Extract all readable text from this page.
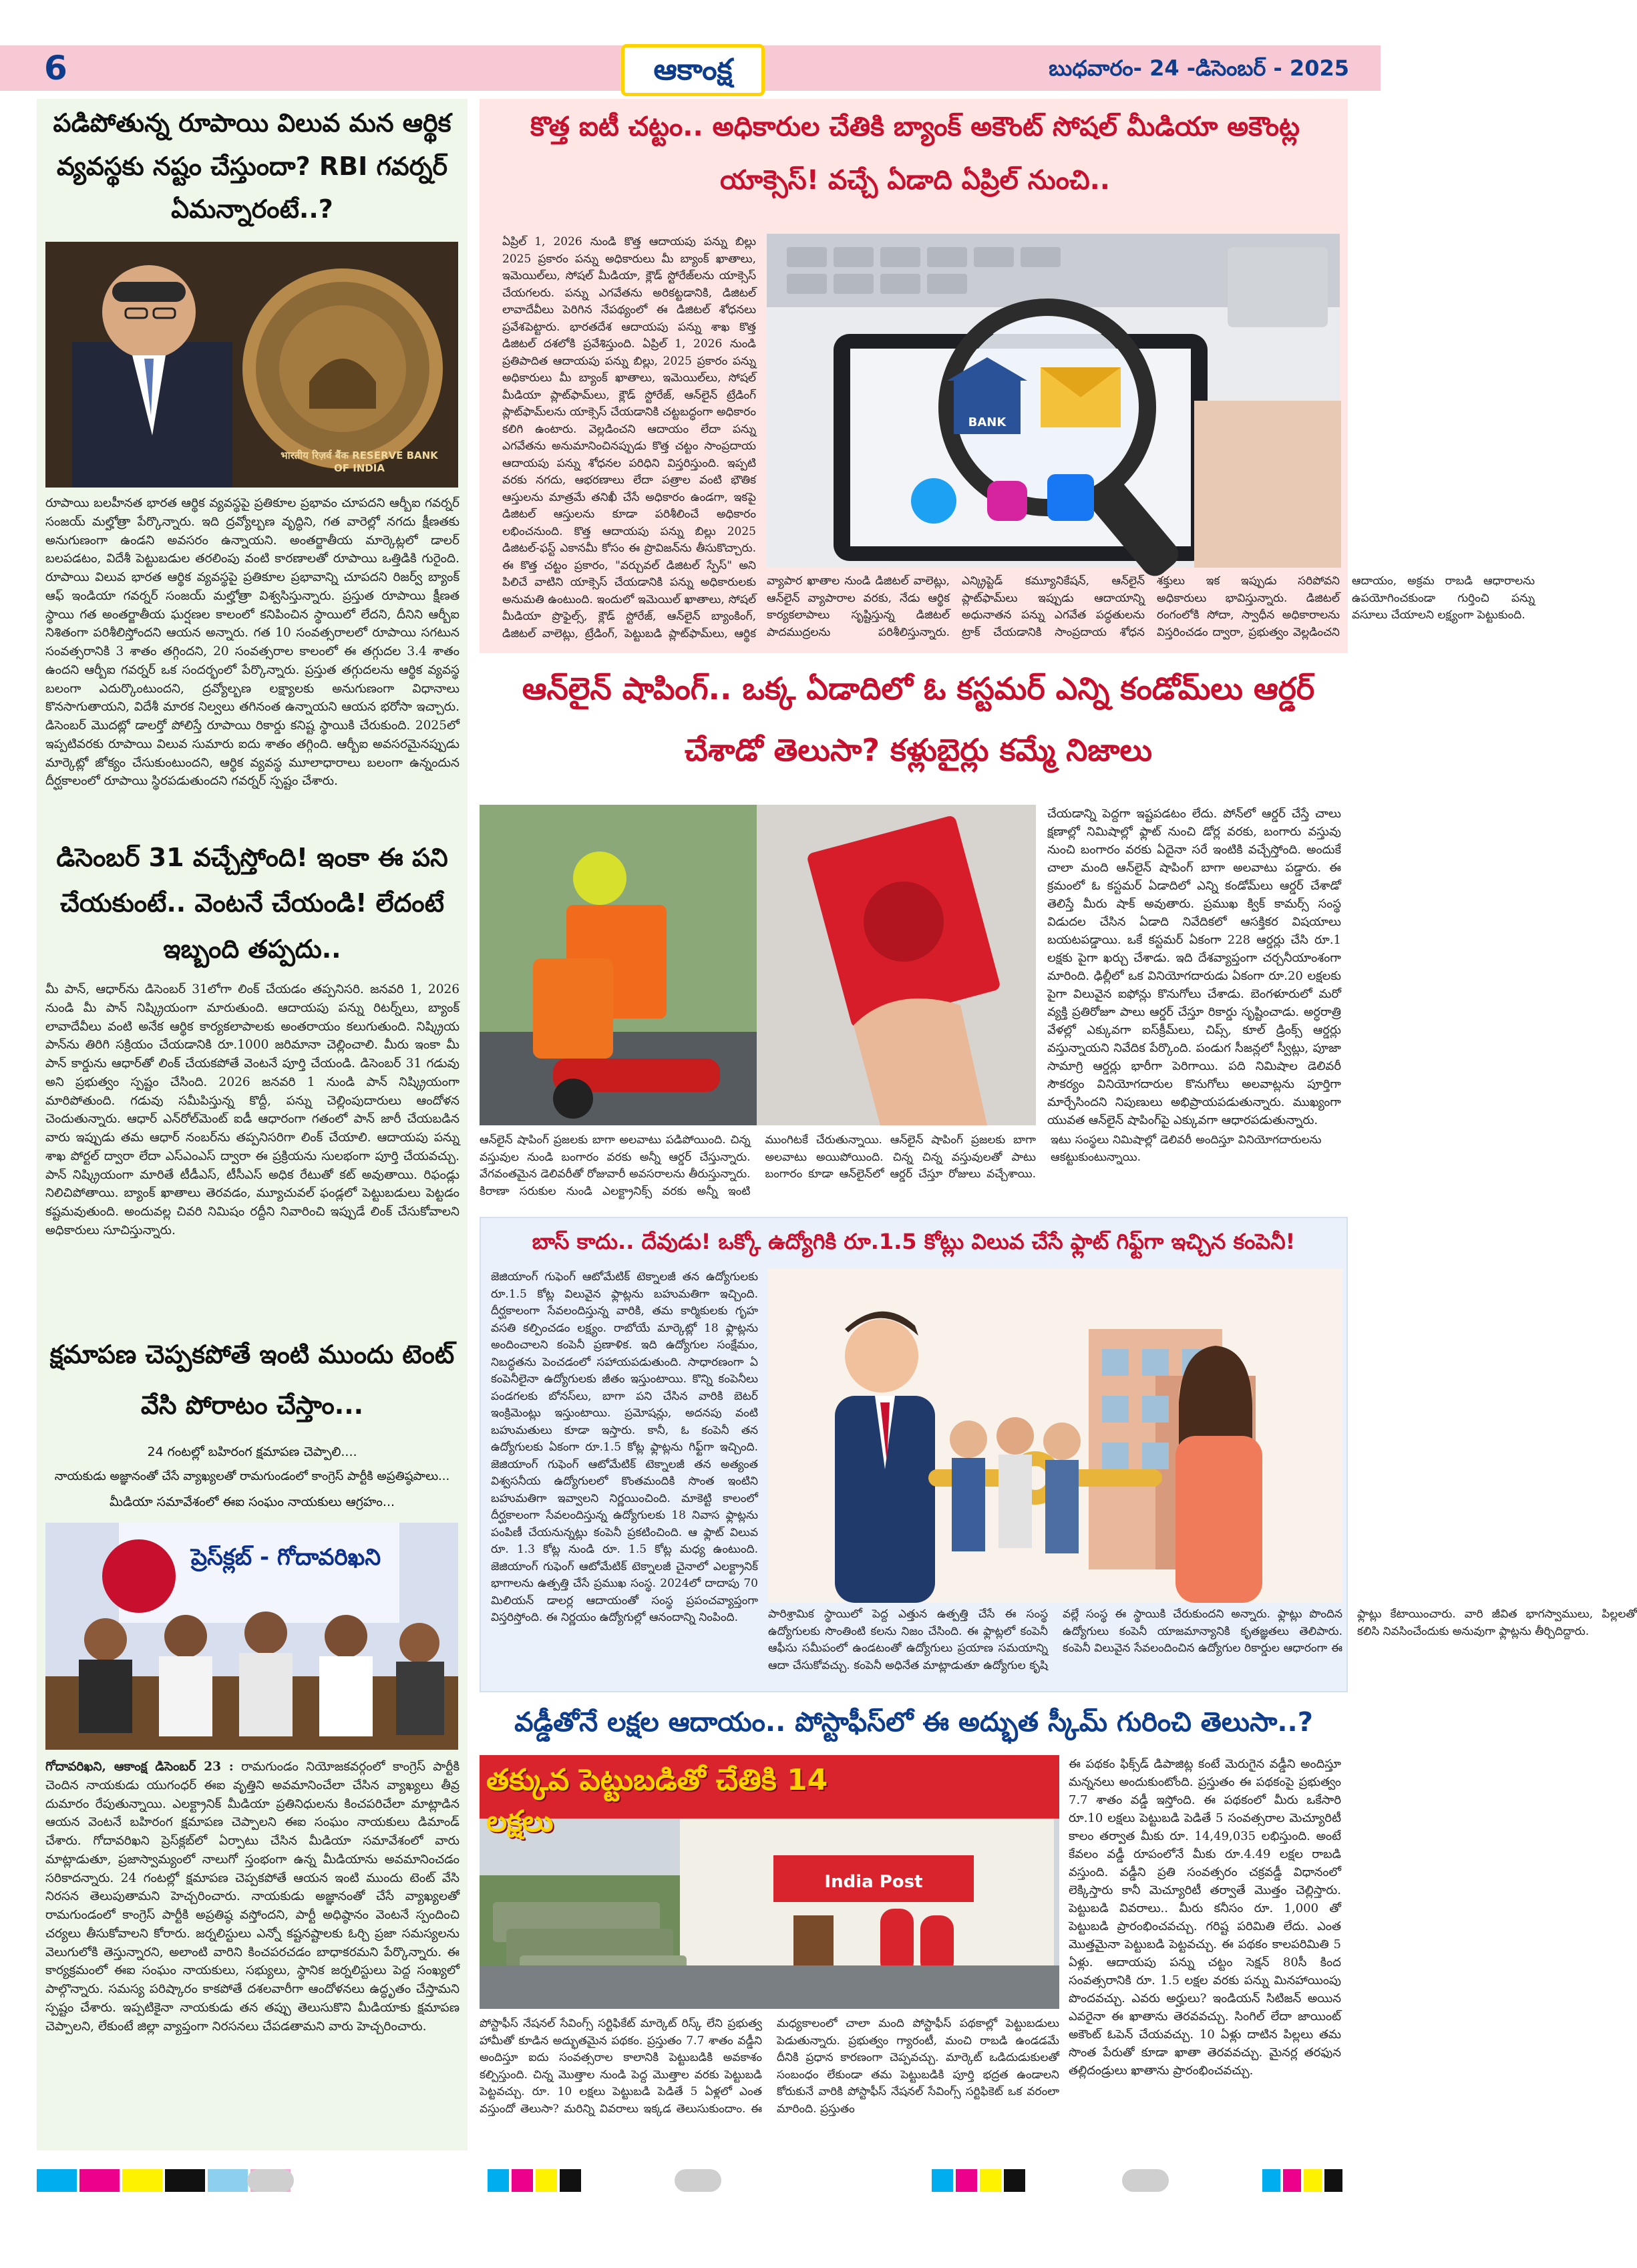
6	ఆకాంక్ష	బుధవారం- 24 -డిసెంబర్ - 2025
పడిపోతున్న రూపాయి విలువ మన ఆర్థిక వ్యవస్థకు నష్టం చేస్తుందా? RBI గవర్నర్ ఏమన్నారంటే..?
भारतीय रिज़र्व बैंक RESERVE BANK OF INDIA
రూపాయి బలహీనత భారత ఆర్థిక వ్యవస్థపై ప్రతికూల ప్రభావం చూపదని ఆర్బీఐ గవర్నర్ సంజయ్ మల్హోత్రా పేర్కొన్నారు. ఇది ద్రవ్యోల్బణ వృద్ధిని, గత వారెల్లో నగదు క్షీణతకు అనుగుణంగా ఉండని అవసరం ఉన్నాయని. అంతర్జాతీయ మార్కెట్లలో డాలర్ బలపడటం, విదేశీ పెట్టుబడుల తరలింపు వంటి కారణాలతో రూపాయి ఒత్తిడికి గురైంది. రూపాయి విలువ భారత ఆర్థిక వ్యవస్థపై ప్రతికూల ప్రభావాన్ని చూపదని రిజర్వ్ బ్యాంక్ ఆఫ్ ఇండియా గవర్నర్ సంజయ్ మల్హోత్రా విశ్వసిస్తున్నారు. ప్రస్తుత రూపాయి క్షీణత స్థాయి గత అంతర్జాతీయ ఘర్షణల కాలంలో కనిపించిన స్థాయిలో లేదని, దీనిని ఆర్బీఐ నిశితంగా పరిశీలిస్తోందని ఆయన అన్నారు. గత 10 సంవత్సరాలలో రూపాయి సగటున సంవత్సరానికి 3 శాతం తగ్గిందని, 20 సంవత్సరాల కాలంలో ఈ తగ్గుదల 3.4 శాతం ఉందని ఆర్బీఐ గవర్నర్ ఒక సందర్భంలో పేర్కొన్నారు. ప్రస్తుత తగ్గుదలను ఆర్థిక వ్యవస్థ బలంగా ఎదుర్కొంటుందని, ద్రవ్యోల్బణ లక్ష్యాలకు అనుగుణంగా విధానాలు కొనసాగుతాయని, విదేశీ మారక నిల్వలు తగినంత ఉన్నాయని ఆయన భరోసా ఇచ్చారు. డిసెంబర్ మొదట్లో డాలర్తో పోలిస్తే రూపాయి రికార్డు కనిష్ట స్థాయికి చేరుకుంది. 2025లో ఇప్పటివరకు రూపాయి విలువ సుమారు ఐదు శాతం తగ్గింది. ఆర్బీఐ అవసరమైనప్పుడు మార్కెట్లో జోక్యం చేసుకుంటుందని, ఆర్థిక వ్యవస్థ మూలాధారాలు బలంగా ఉన్నందున దీర్ఘకాలంలో రూపాయి స్థిరపడుతుందని గవర్నర్ స్పష్టం చేశారు.
డిసెంబర్ 31 వచ్చేస్తోంది! ఇంకా ఈ పని చేయకుంటే.. వెంటనే చేయండి! లేదంటే ఇబ్బంది తప్పదు..
మీ పాన్, ఆధార్‌ను డిసెంబర్ 31లోగా లింక్ చేయడం తప్పనిసరి. జనవరి 1, 2026 నుండి మీ పాన్ నిష్క్రియంగా మారుతుంది. ఆదాయపు పన్ను రిటర్న్‌లు, బ్యాంక్ లావాదేవీలు వంటి అనేక ఆర్థిక కార్యకలాపాలకు అంతరాయం కలుగుతుంది. నిష్క్రియ పాన్‌ను తిరిగి సక్రియం చేయడానికి రూ.1000 జరిమానా చెల్లించాలి. మీరు ఇంకా మీ పాన్ కార్డును ఆధార్‌తో లింక్ చేయకపోతే వెంటనే పూర్తి చేయండి. డిసెంబర్ 31 గడువు అని ప్రభుత్వం స్పష్టం చేసింది. 2026 జనవరి 1 నుండి పాన్ నిష్క్రియంగా మారిపోతుంది. గడువు సమీపిస్తున్న కొద్దీ, పన్ను చెల్లింపుదారులు ఆందోళన చెందుతున్నారు. ఆధార్ ఎన్‌రోల్‌మెంట్ ఐడీ ఆధారంగా గతంలో పాన్ జారీ చేయబడిన వారు ఇప్పుడు తమ ఆధార్ నంబర్‌ను తప్పనిసరిగా లింక్ చేయాలి. ఆదాయపు పన్ను శాఖ పోర్టల్ ద్వారా లేదా ఎస్ఎంఎస్ ద్వారా ఈ ప్రక్రియను సులభంగా పూర్తి చేయవచ్చు. పాన్ నిష్క్రియంగా మారితే టీడీఎస్, టీసీఎస్ అధిక రేటుతో కట్ అవుతాయి. రిఫండ్లు నిలిచిపోతాయి. బ్యాంక్ ఖాతాలు తెరవడం, మ్యూచువల్ ఫండ్లలో పెట్టుబడులు పెట్టడం కష్టమవుతుంది. అందువల్ల చివరి నిమిషం రద్దీని నివారించి ఇప్పుడే లింక్ చేసుకోవాలని అధికారులు సూచిస్తున్నారు.
క్షమాపణ చెప్పకపోతే ఇంటి ముందు టెంట్ వేసి పోరాటం చేస్తాం...
24 గంటల్లో బహిరంగ క్షమాపణ చెప్పాలి....
నాయకుడు అజ్ఞానంతో చేసే వ్యాఖ్యలతో రామగుండంలో కాంగ్రెస్ పార్టీకి అప్రతిష్ఠపాలు...
మీడియా సమావేశంలో ఈఐ సంఘం నాయకులు ఆగ్రహం...
ప్రెస్‌క్లబ్ - గోదావరిఖని
గోదావరిఖని, ఆకాంక్ష డిసెంబర్ 23 : రామగుండం నియోజకవర్గంలో కాంగ్రెస్ పార్టీకి చెందిన నాయకుడు యుగంధర్ ఈఐ వృత్తిని అవమానించేలా చేసిన వ్యాఖ్యలు తీవ్ర దుమారం రేపుతున్నాయి. ఎలక్ట్రానిక్ మీడియా ప్రతినిధులను కించపరిచేలా మాట్లాడిన ఆయన వెంటనే బహిరంగ క్షమాపణ చెప్పాలని ఈఐ సంఘం నాయకులు డిమాండ్ చేశారు. గోదావరిఖని ప్రెస్‌క్లబ్‌లో ఏర్పాటు చేసిన మీడియా సమావేశంలో వారు మాట్లాడుతూ, ప్రజాస్వామ్యంలో నాలుగో స్తంభంగా ఉన్న మీడియాను అవమానించడం సరికాదన్నారు. 24 గంటల్లో క్షమాపణ చెప్పకపోతే ఆయన ఇంటి ముందు టెంట్ వేసి నిరసన తెలుపుతామని హెచ్చరించారు. నాయకుడు అజ్ఞానంతో చేసే వ్యాఖ్యలతో రామగుండంలో కాంగ్రెస్ పార్టీకి అప్రతిష్ఠ వస్తోందని, పార్టీ అధిష్ఠానం వెంటనే స్పందించి చర్యలు తీసుకోవాలని కోరారు. జర్నలిస్టులు ఎన్నో కష్టనష్టాలకు ఓర్చి ప్రజా సమస్యలను వెలుగులోకి తెస్తున్నారని, అలాంటి వారిని కించపరచడం బాధాకరమని పేర్కొన్నారు. ఈ కార్యక్రమంలో ఈఐ సంఘం నాయకులు, సభ్యులు, స్థానిక జర్నలిస్టులు పెద్ద సంఖ్యలో పాల్గొన్నారు. సమస్య పరిష్కారం కాకపోతే దశలవారీగా ఆందోళనలు ఉద్ధృతం చేస్తామని స్పష్టం చేశారు. ఇప్పటికైనా నాయకుడు తన తప్పు తెలుసుకొని మీడియాకు క్షమాపణ చెప్పాలని, లేకుంటే జిల్లా వ్యాప్తంగా నిరసనలు చేపడతామని వారు హెచ్చరించారు.
కొత్త ఐటీ చట్టం.. అధికారుల చేతికి బ్యాంక్ అకౌంట్ సోషల్ మీడియా అకౌంట్ల యాక్సెస్! వచ్చే ఏడాది ఏప్రిల్ నుంచి..
ఏప్రిల్ 1, 2026 నుండి కొత్త ఆదాయపు పన్ను బిల్లు 2025 ప్రకారం పన్ను అధికారులు మీ బ్యాంక్ ఖాతాలు, ఇమెయిల్‌లు, సోషల్ మీడియా, క్లౌడ్ స్టోరేజ్‌లను యాక్సెస్ చేయగలరు. పన్ను ఎగవేతను అరికట్టడానికి, డిజిటల్ లావాదేవీలు పెరిగిన నేపథ్యంలో ఈ డిజిటల్ శోధనలు ప్రవేశపెట్టారు. భారతదేశ ఆదాయపు పన్ను శాఖ కొత్త డిజిటల్ దశలోకి ప్రవేశిస్తుంది. ఏప్రిల్ 1, 2026 నుండి ప్రతిపాదిత ఆదాయపు పన్ను బిల్లు, 2025 ప్రకారం పన్ను అధికారులు మీ బ్యాంక్ ఖాతాలు, ఇమెయిల్‌లు, సోషల్ మీడియా ప్లాట్‌ఫామ్‌లు, క్లౌడ్ స్టోరేజ్, ఆన్‌లైన్ ట్రేడింగ్ ప్లాట్‌ఫామ్‌లను యాక్సెస్ చేయడానికి చట్టబద్ధంగా అధికారం కలిగి ఉంటారు. వెల్లడించని ఆదాయం లేదా పన్ను ఎగవేతను అనుమానించినప్పుడు కొత్త చట్టం సాంప్రదాయ ఆదాయపు పన్ను శోధనల పరిధిని విస్తరిస్తుంది. ఇప్పటి వరకు నగదు, ఆభరణాలు లేదా పత్రాల వంటి భౌతిక ఆస్తులను మాత్రమే తనిఖీ చేసే అధికారం ఉండగా, ఇకపై డిజిటల్ ఆస్తులను కూడా పరిశీలించే అధికారం లభించనుంది. కొత్త ఆదాయపు పన్ను బిల్లు 2025 డిజిటల్-ఫస్ట్ ఎకానమీ కోసం ఈ ప్రొవిజన్‌ను తీసుకొచ్చారు. ఈ కొత్త చట్టం ప్రకారం, "వర్చువల్ డిజిటల్ స్పేస్" అని పిలిచే వాటిని యాక్సెస్ చేయడానికి పన్ను అధికారులకు అనుమతి ఉంటుంది. ఇందులో ఇమెయిల్ ఖాతాలు, సోషల్ మీడియా ప్రొఫైల్స్, క్లౌడ్ స్టోరేజ్, ఆన్‌లైన్ బ్యాంకింగ్, డిజిటల్ వాలెట్లు, ట్రేడింగ్, పెట్టుబడి ప్లాట్‌ఫామ్‌లు, ఆర్థిక
BANK
వ్యాపార ఖాతాల నుండి డిజిటల్ వాలెట్లు, ఆన్‌లైన్ వ్యాపారాల వరకు, నేడు ఆర్థిక కార్యకలాపాలు సృష్టిస్తున్న డిజిటల్ పాదముద్రలను పరిశీలిస్తున్నారు. ఎన్క్రిప్టెడ్ కమ్యూనికేషన్, ఆన్‌లైన్ ప్లాట్‌ఫామ్‌లు ఇప్పుడు ఆదాయాన్ని అధునాతన పన్ను ఎగవేత పద్ధతులను ట్రాక్ చేయడానికి సాంప్రదాయ శోధన శక్తులు ఇక ఇప్పుడు సరిపోవని అధికారులు భావిస్తున్నారు. డిజిటల్ రంగంలోకి సోదా, స్వాధీన అధికారాలను విస్తరించడం ద్వారా, ప్రభుత్వం వెల్లడించని ఆదాయం, అక్రమ రాబడి ఆధారాలను ఉపయోగించకుండా గుర్తించి పన్ను వసూలు చేయాలని లక్ష్యంగా పెట్టుకుంది.
ఆన్‌లైన్ షాపింగ్.. ఒక్క ఏడాదిలో ఓ కస్టమర్ ఎన్ని కండోమ్‌లు ఆర్డర్ చేశాడో తెలుసా? కళ్లుబైర్లు కమ్మే నిజాలు
చేయడాన్ని పెద్దగా ఇష్టపడటం లేదు. పోన్‌లో ఆర్డర్ చేస్తే చాలు క్షణాల్లో నిమిషాల్లో ఫ్లాట్ నుంచి డోర్ల వరకు, బంగారు వస్తువు నుంచి బంగారం వరకు ఏదైనా సరే ఇంటికి వచ్చేస్తోంది. అందుకే చాలా మంది ఆన్‌లైన్ షాపింగ్ బాగా అలవాటు పడ్డారు. ఈ క్రమంలో ఓ కస్టమర్ ఏడాదిలో ఎన్ని కండోమ్‌లు ఆర్డర్ చేశాడో తెలిస్తే మీరు షాక్ అవుతారు. ప్రముఖ క్విక్ కామర్స్ సంస్థ విడుదల చేసిన ఏడాది నివేదికలో ఆసక్తికర విషయాలు బయటపడ్డాయి. ఒకే కస్టమర్ ఏకంగా 228 ఆర్డర్లు చేసి రూ.1 లక్షకు పైగా ఖర్చు చేశాడు. ఇది దేశవ్యాప్తంగా చర్చనీయాంశంగా మారింది. ఢిల్లీలో ఒక వినియోగదారుడు ఏకంగా రూ.20 లక్షలకు పైగా విలువైన ఐఫోన్లు కొనుగోలు చేశాడు. బెంగళూరులో మరో వ్యక్తి ప్రతిరోజూ పాలు ఆర్డర్ చేస్తూ రికార్డు సృష్టించాడు. అర్ధరాత్రి వేళల్లో ఎక్కువగా ఐస్‌క్రీమ్‌లు, చిప్స్, కూల్ డ్రింక్స్ ఆర్డర్లు వస్తున్నాయని నివేదిక పేర్కొంది. పండుగ సీజన్లలో స్వీట్లు, పూజా సామాగ్రి ఆర్డర్లు భారీగా పెరిగాయి. పది నిమిషాల డెలివరీ సౌకర్యం వినియోగదారుల కొనుగోలు అలవాట్లను పూర్తిగా మార్చేసిందని నిపుణులు అభిప్రాయపడుతున్నారు. ముఖ్యంగా యువత ఆన్‌లైన్ షాపింగ్‌పై ఎక్కువగా ఆధారపడుతున్నారు.
ఆన్‌లైన్ షాపింగ్ ప్రజలకు బాగా అలవాటు పడిపోయింది. చిన్న వస్తువుల నుండి బంగారం వరకు అన్నీ ఆర్డర్ చేస్తున్నారు. వేగవంతమైన డెలివరీతో రోజువారీ అవసరాలను తీరుస్తున్నారు. కిరాణా సరుకుల నుండి ఎలక్ట్రానిక్స్ వరకు అన్నీ ఇంటి ముంగిటకే చేరుతున్నాయి. ఆన్‌లైన్ షాపింగ్ ప్రజలకు బాగా అలవాటు అయిపోయింది. చిన్న చిన్న వస్తువులతో పాటు బంగారం కూడా ఆన్‌లైన్‌లో ఆర్డర్ చేస్తూ రోజులు వచ్చేశాయి. ఇటు సంస్థలు నిమిషాల్లో డెలివరీ అందిస్తూ వినియోగదారులను ఆకట్టుకుంటున్నాయి.
బాస్ కాదు.. దేవుడు! ఒక్కో ఉద్యోగికి రూ.1.5 కోట్లు విలువ చేసే ఫ్లాట్ గిఫ్ట్‌గా ఇచ్చిన కంపెనీ!
జెజియాంగ్ గుఫెంగ్ ఆటోమేటిక్ టెక్నాలజీ తన ఉద్యోగులకు రూ.1.5 కోట్ల విలువైన ఫ్లాట్లను బహుమతిగా ఇచ్చింది. దీర్ఘకాలంగా సేవలందిస్తున్న వారికి, తమ కార్మికులకు గృహ వసతి కల్పించడం లక్ష్యం. రాబోయే మార్కెట్లో 18 ఫ్లాట్లను అందించాలని కంపెనీ ప్రణాళిక. ఇది ఉద్యోగుల సంక్షేమం, నిబద్ధతను పెంచడంలో సహాయపడుతుంది. సాధారణంగా ఏ కంపెనీలైనా ఉద్యోగులకు జీతం ఇస్తుంటాయి. కొన్ని కంపెనీలు పండగలకు బోనస్‌లు, బాగా పని చేసిన వారికి బెటర్ ఇంక్రిమెంట్లు ఇస్తుంటాయి. ప్రమోషన్లు, అదనపు వంటి బహుమతులు కూడా ఇస్తారు. కానీ, ఓ కంపెనీ తన ఉద్యోగులకు ఏకంగా రూ.1.5 కోట్ల ఫ్లాట్లను గిఫ్ట్‌గా ఇచ్చింది. జెజియాంగ్ గుఫెంగ్ ఆటోమేటిక్ టెక్నాలజీ తన అత్యంత విశ్వసనీయ ఉద్యోగులలో కొంతమందికి సొంత ఇంటిని బహుమతిగా ఇవ్వాలని నిర్ణయించింది. మాకెట్టి కాలంలో దీర్ఘకాలంగా సేవలందిస్తున్న ఉద్యోగులకు 18 నివాస ఫ్లాట్లను పంపిణీ చేయనున్నట్లు కంపెనీ ప్రకటించింది. ఆ ఫ్లాట్ విలువ రూ. 1.3 కోట్ల నుండి రూ. 1.5 కోట్ల మధ్య ఉంటుంది. జెజియాంగ్ గుఫెంగ్ ఆటోమేటిక్ టెక్నాలజీ చైనాలో ఎలక్ట్రానిక్ భాగాలను ఉత్పత్తి చేసే ప్రముఖ సంస్థ. 2024లో దాదాపు 70 మిలియన్ డాలర్ల ఆదాయంతో సంస్థ ప్రపంచవ్యాప్తంగా విస్తరిస్తోంది. ఈ నిర్ణయం ఉద్యోగుల్లో ఆనందాన్ని నింపింది.	పారిశ్రామిక స్థాయిలో పెద్ద ఎత్తున ఉత్పత్తి చేసే ఈ సంస్థ ఉద్యోగులకు సొంతింటి కలను నిజం చేసింది. ఈ ఫ్లాట్లలో కంపెనీ ఆఫీసు సమీపంలో ఉండటంతో ఉద్యోగులు ప్రయాణ సమయాన్ని ఆదా చేసుకోవచ్చు. కంపెనీ అధినేత మాట్లాడుతూ ఉద్యోగుల కృషి వల్లే సంస్థ ఈ స్థాయికి చేరుకుందని అన్నారు. ఫ్లాట్లు పొందిన ఉద్యోగులు కంపెనీ యాజమాన్యానికి కృతజ్ఞతలు తెలిపారు. కంపెనీ విలువైన సేవలందించిన ఉద్యోగుల రికార్డుల ఆధారంగా ఈ ఫ్లాట్లు కేటాయించారు. వారి జీవిత భాగస్వాములు, పిల్లలతో కలిసి నివసించేందుకు అనువుగా ఫ్లాట్లను తీర్చిదిద్దారు.
వడ్డీతోనే లక్షల ఆదాయం.. పోస్టాఫీస్‌లో ఈ అద్భుత స్కీమ్ గురించి తెలుసా..?
తక్కువ పెట్టుబడితో చేతికి 14 లక్షలు
India Post
పోస్టాఫీస్ నేషనల్ సేవింగ్స్ సర్టిఫికేట్ మార్కెట్ రిస్క్ లేని ప్రభుత్వ హామీతో కూడిన అద్భుతమైన పథకం. ప్రస్తుతం 7.7 శాతం వడ్డీని అందిస్తూ ఐదు సంవత్సరాల కాలానికి పెట్టుబడికి అవకాశం కల్పిస్తుంది. చిన్న మొత్తాల నుండి పెద్ద మొత్తాల వరకు పెట్టుబడి పెట్టవచ్చు. రూ. 10 లక్షలు పెట్టుబడి పెడితే 5 ఏళ్లలో ఎంత వస్తుందో తెలుసా? మరిన్ని వివరాలు ఇక్కడ తెలుసుకుందాం. ఈ మధ్యకాలంలో చాలా మంది పోస్టాఫీస్ పథకాల్లో పెట్టుబడులు పెడుతున్నారు. ప్రభుత్వం గ్యారంటీ, మంచి రాబడి ఉండడమే దీనికి ప్రధాన కారణంగా చెప్పవచ్చు. మార్కెట్ ఒడిదుడుకులతో సంబంధం లేకుండా తమ పెట్టుబడికి పూర్తి భద్రత ఉండాలని కోరుకునే వారికి పోస్టాఫీస్ నేషనల్ సేవింగ్స్ సర్టిఫికెట్ ఒక వరంలా మారింది. ప్రస్తుతం
ఈ పథకం ఫిక్స్‌డ్ డిపాజిట్ల కంటే మెరుగైన వడ్డీని అందిస్తూ మన్ననలు అందుకుంటోంది. ప్రస్తుతం ఈ పథకంపై ప్రభుత్వం 7.7 శాతం వడ్డీ ఇస్తోంది. ఈ పథకంలో మీరు ఒకేసారి రూ.10 లక్షలు పెట్టుబడి పెడితే 5 సంవత్సరాల మెచ్యూరిటీ కాలం తర్వాత మీకు రూ. 14,49,035 లభిస్తుంది. అంటే కేవలం వడ్డీ రూపంలోనే మీకు రూ.4.49 లక్షల రాబడి వస్తుంది. వడ్డీని ప్రతి సంవత్సరం చక్రవడ్డీ విధానంలో లెక్కిస్తారు కానీ మెచ్యూరిటీ తర్వాతే మొత్తం చెల్లిస్తారు. పెట్టుబడి వివరాలు.. మీరు కనీసం రూ. 1,000 తో పెట్టుబడి ప్రారంభించవచ్చు. గరిష్ట పరిమితి లేదు. ఎంత మొత్తమైనా పెట్టుబడి పెట్టవచ్చు. ఈ పథకం కాలపరిమితి 5 ఏళ్లు. ఆదాయపు పన్ను చట్టం సెక్షన్ 80సీ కింద సంవత్సరానికి రూ. 1.5 లక్షల వరకు పన్ను మినహాయింపు పొందవచ్చు. ఎవరు అర్హులు? ఇండియన్ సిటిజన్ అయిన ఎవరైనా ఈ ఖాతాను తెరవవచ్చు. సింగిల్ లేదా జాయింట్ అకౌంట్ ఓపెన్ చేయవచ్చు. 10 ఏళ్లు దాటిన పిల్లలు తమ సొంత పేరుతో కూడా ఖాతా తెరవవచ్చు. మైనర్ల తరఫున తల్లిదండ్రులు ఖాతాను ప్రారంభించవచ్చు.
